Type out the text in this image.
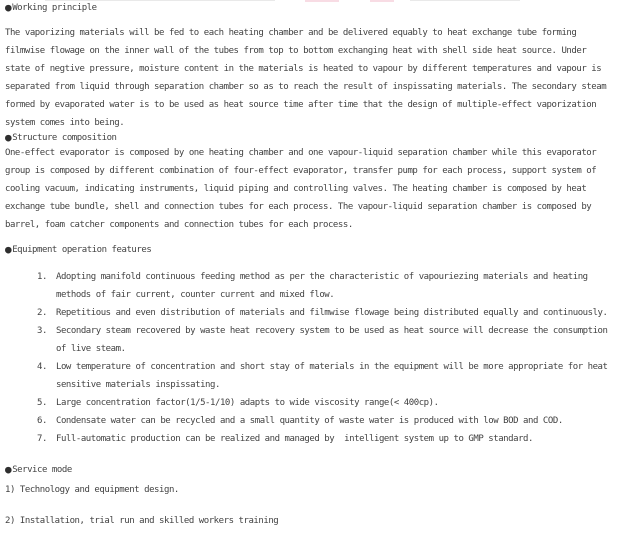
●Working principle
The vaporizing materials will be fed to each heating chamber and be delivered equably to heat exchange tube forming filmwise flowage on the inner wall of the tubes from top to bottom exchanging heat with shell side heat source. Under state of negtive pressure, moisture content in the materials is heated to vapour by different temperatures and vapour is separated from liquid through separation chamber so as to reach the result of inspissating materials. The secondary steam formed by evaporated water is to be used as heat source time after time that the design of multiple-effect vaporization system comes into being.
●Structure composition
One-effect evaporator is composed by one heating chamber and one vapour-liquid separation chamber while this evaporator group is composed by different combination of four-effect evaporator, transfer pump for each process, support system of cooling vacuum, indicating instruments, liquid piping and controlling valves. The heating chamber is composed by heat exchange tube bundle, shell and connection tubes for each process. The vapour-liquid separation chamber is composed by barrel, foam catcher components and connection tubes for each process.
●Equipment operation features
1.	Adopting manifold continuous feeding method as per the characteristic of vapouriezing materials and heating methods of fair current, counter current and mixed flow.
2.	Repetitious and even distribution of materials and filmwise flowage being distributed equally and continuously.
3.	Secondary steam recovered by waste heat recovery system to be used as heat source will decrease the consumption of live steam.
4.	Low temperature of concentration and short stay of materials in the equipment will be more appropriate for heat sensitive materials inspissating.
5.	Large concentration factor(1/5-1/10) adapts to wide viscosity range(< 400cp).
6.	Condensate water can be recycled and a small quantity of waste water is produced with low BOD and COD.
7.	Full-automatic production can be realized and managed by  intelligent system up to GMP standard.
●Service mode
1) Technology and equipment design.
2) Installation, trial run and skilled workers training
